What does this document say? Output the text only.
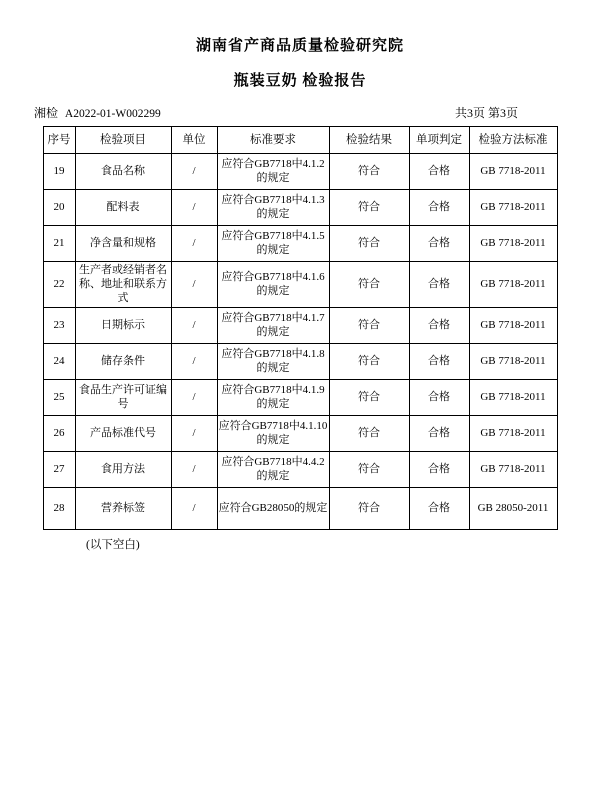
湖南省产商品质量检验研究院
瓶装豆奶 检验报告
湘检 A2022-01-W002299	共3页 第3页
序号	检验项目	单位	标准要求	检验结果	单项判定	检验方法标准
19	食品名称	/	应符合GB7718中4.1.2的规定	符合	合格	GB 7718-2011
20	配料表	/	应符合GB7718中4.1.3的规定	符合	合格	GB 7718-2011
21	净含量和规格	/	应符合GB7718中4.1.5的规定	符合	合格	GB 7718-2011
22	生产者或经销者名称、地址和联系方式	/	应符合GB7718中4.1.6的规定	符合	合格	GB 7718-2011
23	日期标示	/	应符合GB7718中4.1.7的规定	符合	合格	GB 7718-2011
24	储存条件	/	应符合GB7718中4.1.8的规定	符合	合格	GB 7718-2011
25	食品生产许可证编号	/	应符合GB7718中4.1.9的规定	符合	合格	GB 7718-2011
26	产品标准代号	/	应符合GB7718中4.1.10的规定	符合	合格	GB 7718-2011
27	食用方法	/	应符合GB7718中4.4.2的规定	符合	合格	GB 7718-2011
28	营养标签	/	应符合GB28050的规定	符合	合格	GB 28050-2011
(以下空白)
